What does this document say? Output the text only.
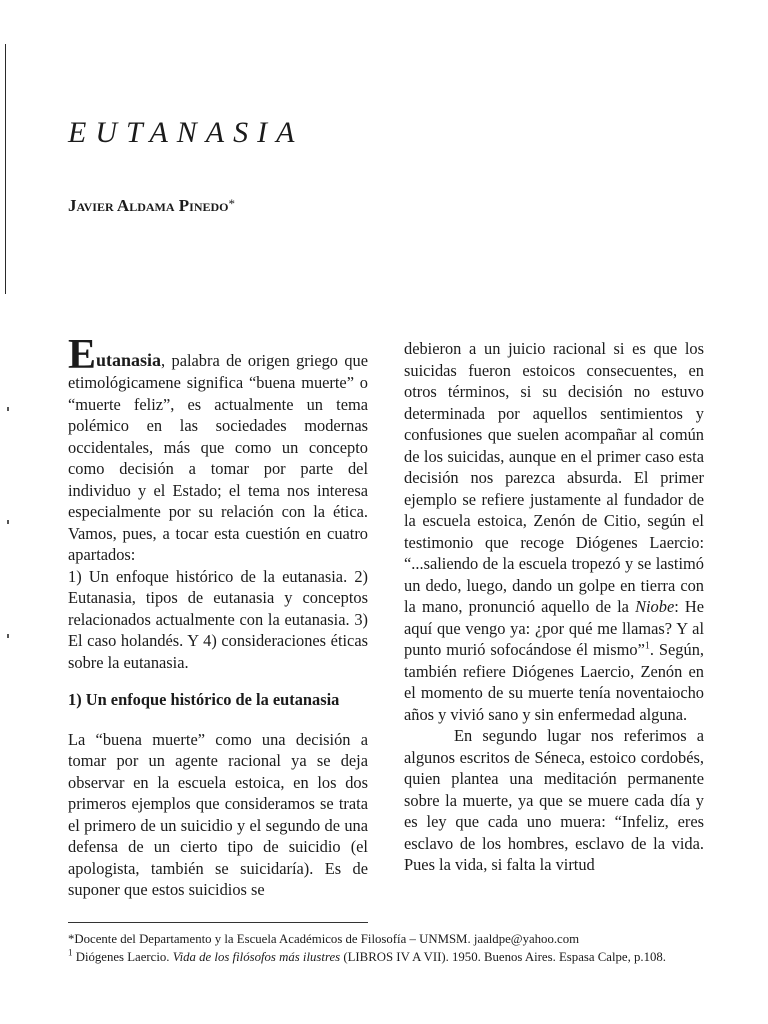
EUTANASIA

Javier Aldama Pinedo*

Eutanasia, palabra de origen griego que etimológicamene significa “buena muerte” o “muerte feliz”, es actualmente un tema polémico en las sociedades modernas occidentales, más que como un concepto como decisión a tomar por parte del individuo y el Estado; el tema nos interesa especialmente por su relación con la ética. Vamos, pues, a tocar esta cuestión en cuatro apartados:

1) Un enfoque histórico de la eutanasia. 2) Eutanasia, tipos de eutanasia y conceptos relacionados actualmente con la eutanasia. 3) El caso holandés. Y 4) consideraciones éticas sobre la eutanasia.

1) Un enfoque histórico de la eutanasia

La “buena muerte” como una decisión a tomar por un agente racional ya se deja observar en la escuela estoica, en los dos primeros ejemplos que consideramos se trata el primero de un suicidio y el segundo de una defensa de un cierto tipo de suicidio (el apologista, también se suicidaría). Es de suponer que estos suicidios se

debieron a un juicio racional si es que los suicidas fueron estoicos consecuentes, en otros términos, si su decisión no estuvo determinada por aquellos sentimientos y confusiones que suelen acompañar al común de los suicidas, aunque en el primer caso esta decisión nos parezca absurda. El primer ejemplo se refiere justamente al fundador de la escuela estoica, Zenón de Citio, según el testimonio que recoge Diógenes Laercio: “...saliendo de la escuela tropezó y se lastimó un dedo, luego, dando un golpe en tierra con la mano, pronunció aquello de la Niobe: He aquí que vengo ya: ¿por qué me llamas? Y al punto murió sofocándose él mismo”$^1$. Según, también refiere Diógenes Laercio, Zenón en el momento de su muerte tenía noventaiocho años y vivió sano y sin enfermedad alguna.

En segundo lugar nos referimos a algunos escritos de Séneca, estoico cordobés, quien plantea una meditación permanente sobre la muerte, ya que se muere cada día y es ley que cada uno muera: “Infeliz, eres esclavo de los hombres, esclavo de la vida. Pues la vida, si falta la virtud

*Docente del Departamento y la Escuela Académicos de Filosofía – UNMSM. jaaldpe@yahoo.com

$^1$ Diógenes Laercio. Vida de los filósofos más ilustres (LIBROS IV A VII). 1950. Buenos Aires. Espasa Calpe, p.108.
